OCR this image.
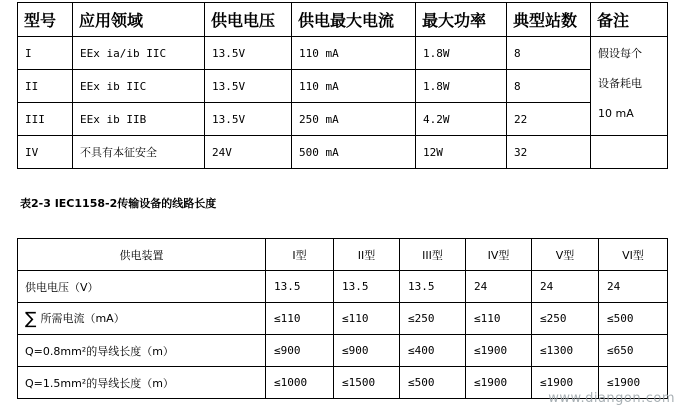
型号	应用领域	供电电压	供电最大电流	最大功率	典型站数	备注
I	EEx ia/ib IIC	13.5V	110 mA	1.8W	8	假设每个
设备耗电
10 mA

II	EEx ib IIC	13.5V	110 mA	1.8W	8	
III	EEx ib IIB	13.5V	250 mA	4.2W	22	
IV	不具有本征安全	24V	500 mA	12W	32	
表2-3 IEC1158-2传输设备的线路长度
供电装置	I型	II型	III型	IV型	V型	VI型
供电电压（V）	13.5	13.5	13.5	24	24	24
∑ 所需电流（mA）	≤110	≤110	≤250	≤110	≤250	≤500
Q=0.8mm²的导线长度（m）	≤900	≤900	≤400	≤1900	≤1300	≤650
Q=1.5mm²的导线长度（m）	≤1000	≤1500	≤500	≤1900	≤1900	≤1900
www.diangon.com
